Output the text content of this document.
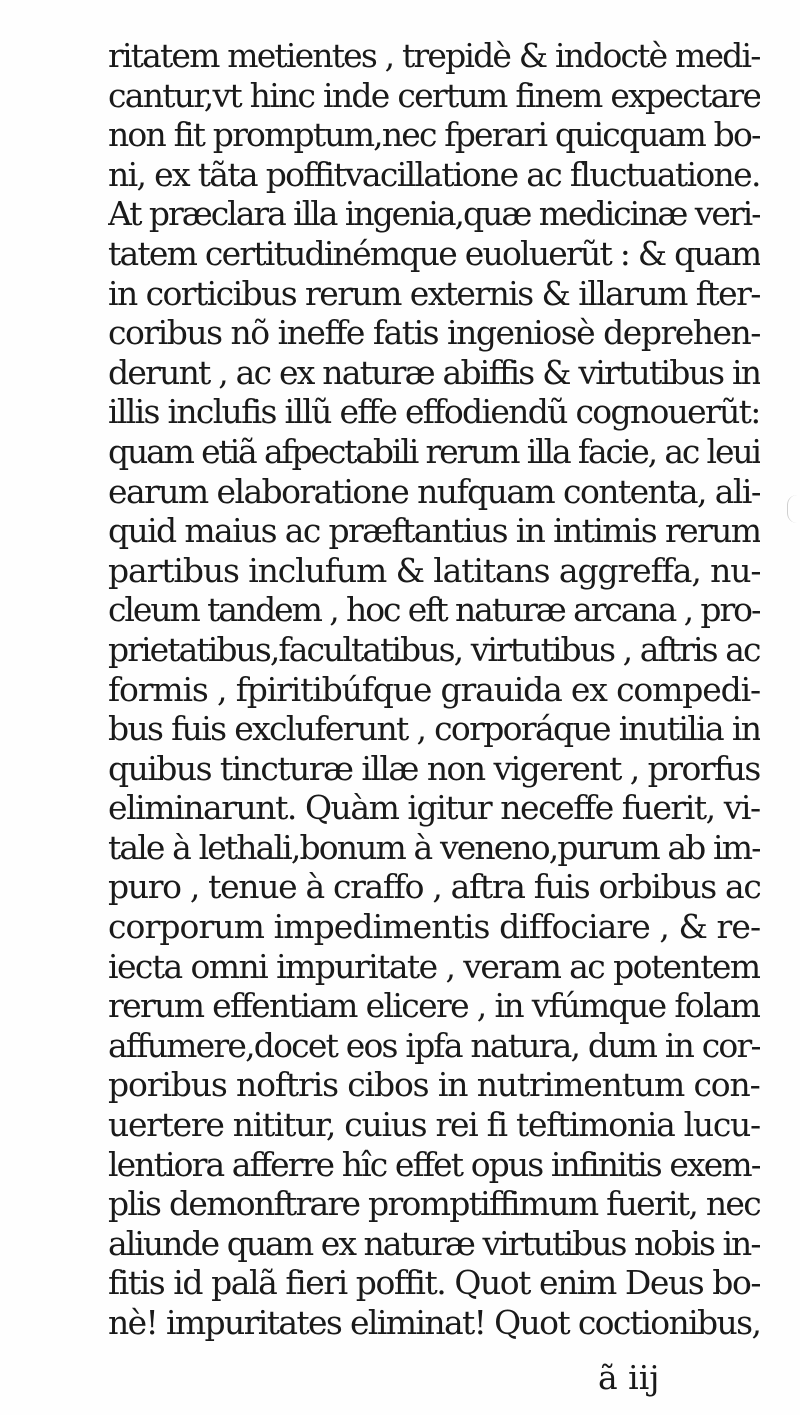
ritatem metientes , trepidè & indoctè medi-
cantur,vt hinc inde certum finem expectare
non fit promptum,nec fperari quicquam bo-
ni, ex tãta poffitvacillatione ac fluctuatione.
At præclara illa ingenia,quæ medicinæ veri-
tatem certitudinémque euoluerũt : & quam
in corticibus rerum externis & illarum fter-
coribus nõ ineffe fatis ingeniosè deprehen-
derunt , ac ex naturæ abiffis & virtutibus in
illis inclufis illũ effe effodiendũ cognouerũt:
quam etiã afpectabili rerum illa facie, ac leui
earum elaboratione nufquam contenta, ali-
quid maius ac præftantius in intimis rerum
partibus inclufum & latitans aggreffa, nu-
cleum tandem , hoc eft naturæ arcana , pro-
prietatibus,facultatibus, virtutibus , aftris ac
formis , fpiritibúfque grauida ex compedi-
bus fuis excluferunt , corporáque inutilia in
quibus tincturæ illæ non vigerent , prorfus
eliminarunt. Quàm igitur neceffe fuerit, vi-
tale à lethali,bonum à veneno,purum ab im-
puro , tenue à craffo , aftra fuis orbibus ac
corporum impedimentis diffociare , & re-
iecta omni impuritate , veram ac potentem
rerum effentiam elicere , in vfúmque folam
affumere,docet eos ipfa natura, dum in cor-
poribus noftris cibos in nutrimentum con-
uertere nititur, cuius rei fi teftimonia lucu-
lentiora afferre hîc effet opus infinitis exem-
plis demonftrare promptiffimum fuerit, nec
aliunde quam ex naturæ virtutibus nobis in-
fitis id palã fieri poffit. Quot enim Deus bo-
nè! impuritates eliminat! Quot coctionibus,
ã iij
